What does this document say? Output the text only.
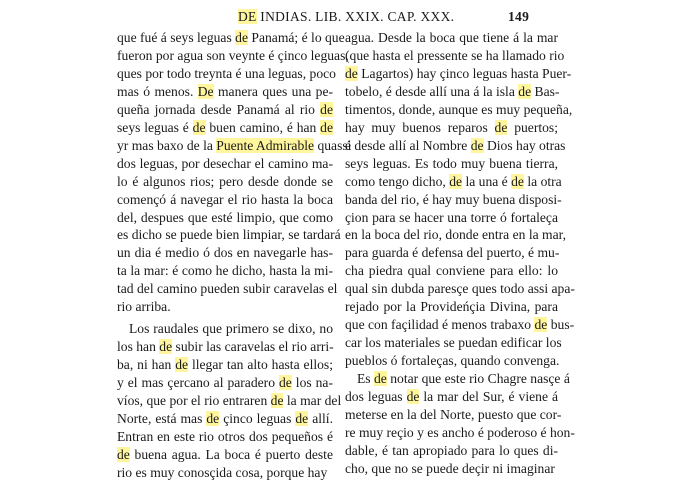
DE INDIAS. LIB. XXIX. CAP. XXX.	149
que fué á seys leguas de Panamá; é lo que
fueron por agua son veynte é çinco leguas,
ques por todo treynta é una leguas, poco
mas ó menos. De manera ques una pe-
queña jornada desde Panamá al rio de
seys leguas é de buen camino, é han de
yr mas baxo de la Puente Admirable quassi
dos leguas, por desechar el camino ma-
lo é algunos rios; pero desde donde se
començó á navegar el rio hasta la boca
del, despues que esté limpio, que como
es dicho se puede bien limpiar, se tardará
un dia é medio ó dos en navegarle has-
ta la mar: é como he dicho, hasta la mi-
tad del camino pueden subir caravelas el
rio arriba.
Los raudales que primero se dixo, no
los han de subir las caravelas el rio arri-
ba, ni han de llegar tan alto hasta ellos;
y el mas çercano al paradero de los na-
víos, que por el rio entraren de la mar del
Norte, está mas de çinco leguas de allí.
Entran en este rio otros dos pequeños é
de buena agua. La boca é puerto deste
rio es muy conosçida cosa, porque hay
agua. Desde la boca que tiene á la mar
(que hasta el pressente se ha llamado rio
de Lagartos) hay çinco leguas hasta Puer-
tobelo, é desde allí una á la isla de Bas-
timentos, donde, aunque es muy pequeña,
hay muy buenos reparos de puertos;
é desde allí al Nombre de Dios hay otras
seys leguas. Es todo muy buena tierra,
como tengo dicho, de la una é de la otra
banda del rio, é hay muy buena disposi-
çion para se hacer una torre ó fortaleça
en la boca del rio, donde entra en la mar,
para guarda é defensa del puerto, é mu-
cha piedra qual conviene para ello: lo
qual sin dubda paresçe ques todo assi apa-
rejado por la Provideńçia Divina, para
que con façilidad é menos trabaxo de bus-
car los materiales se puedan edificar los
pueblos ó fortaleças, quando convenga.
Es de notar que este rio Chagre nasçe á
dos leguas de la mar del Sur, é viene á
meterse en la del Norte, puesto que cor-
re muy reçio y es ancho é poderoso é hon-
dable, é tan apropiado para lo ques di-
cho, que no se puede deçir ni imaginar
